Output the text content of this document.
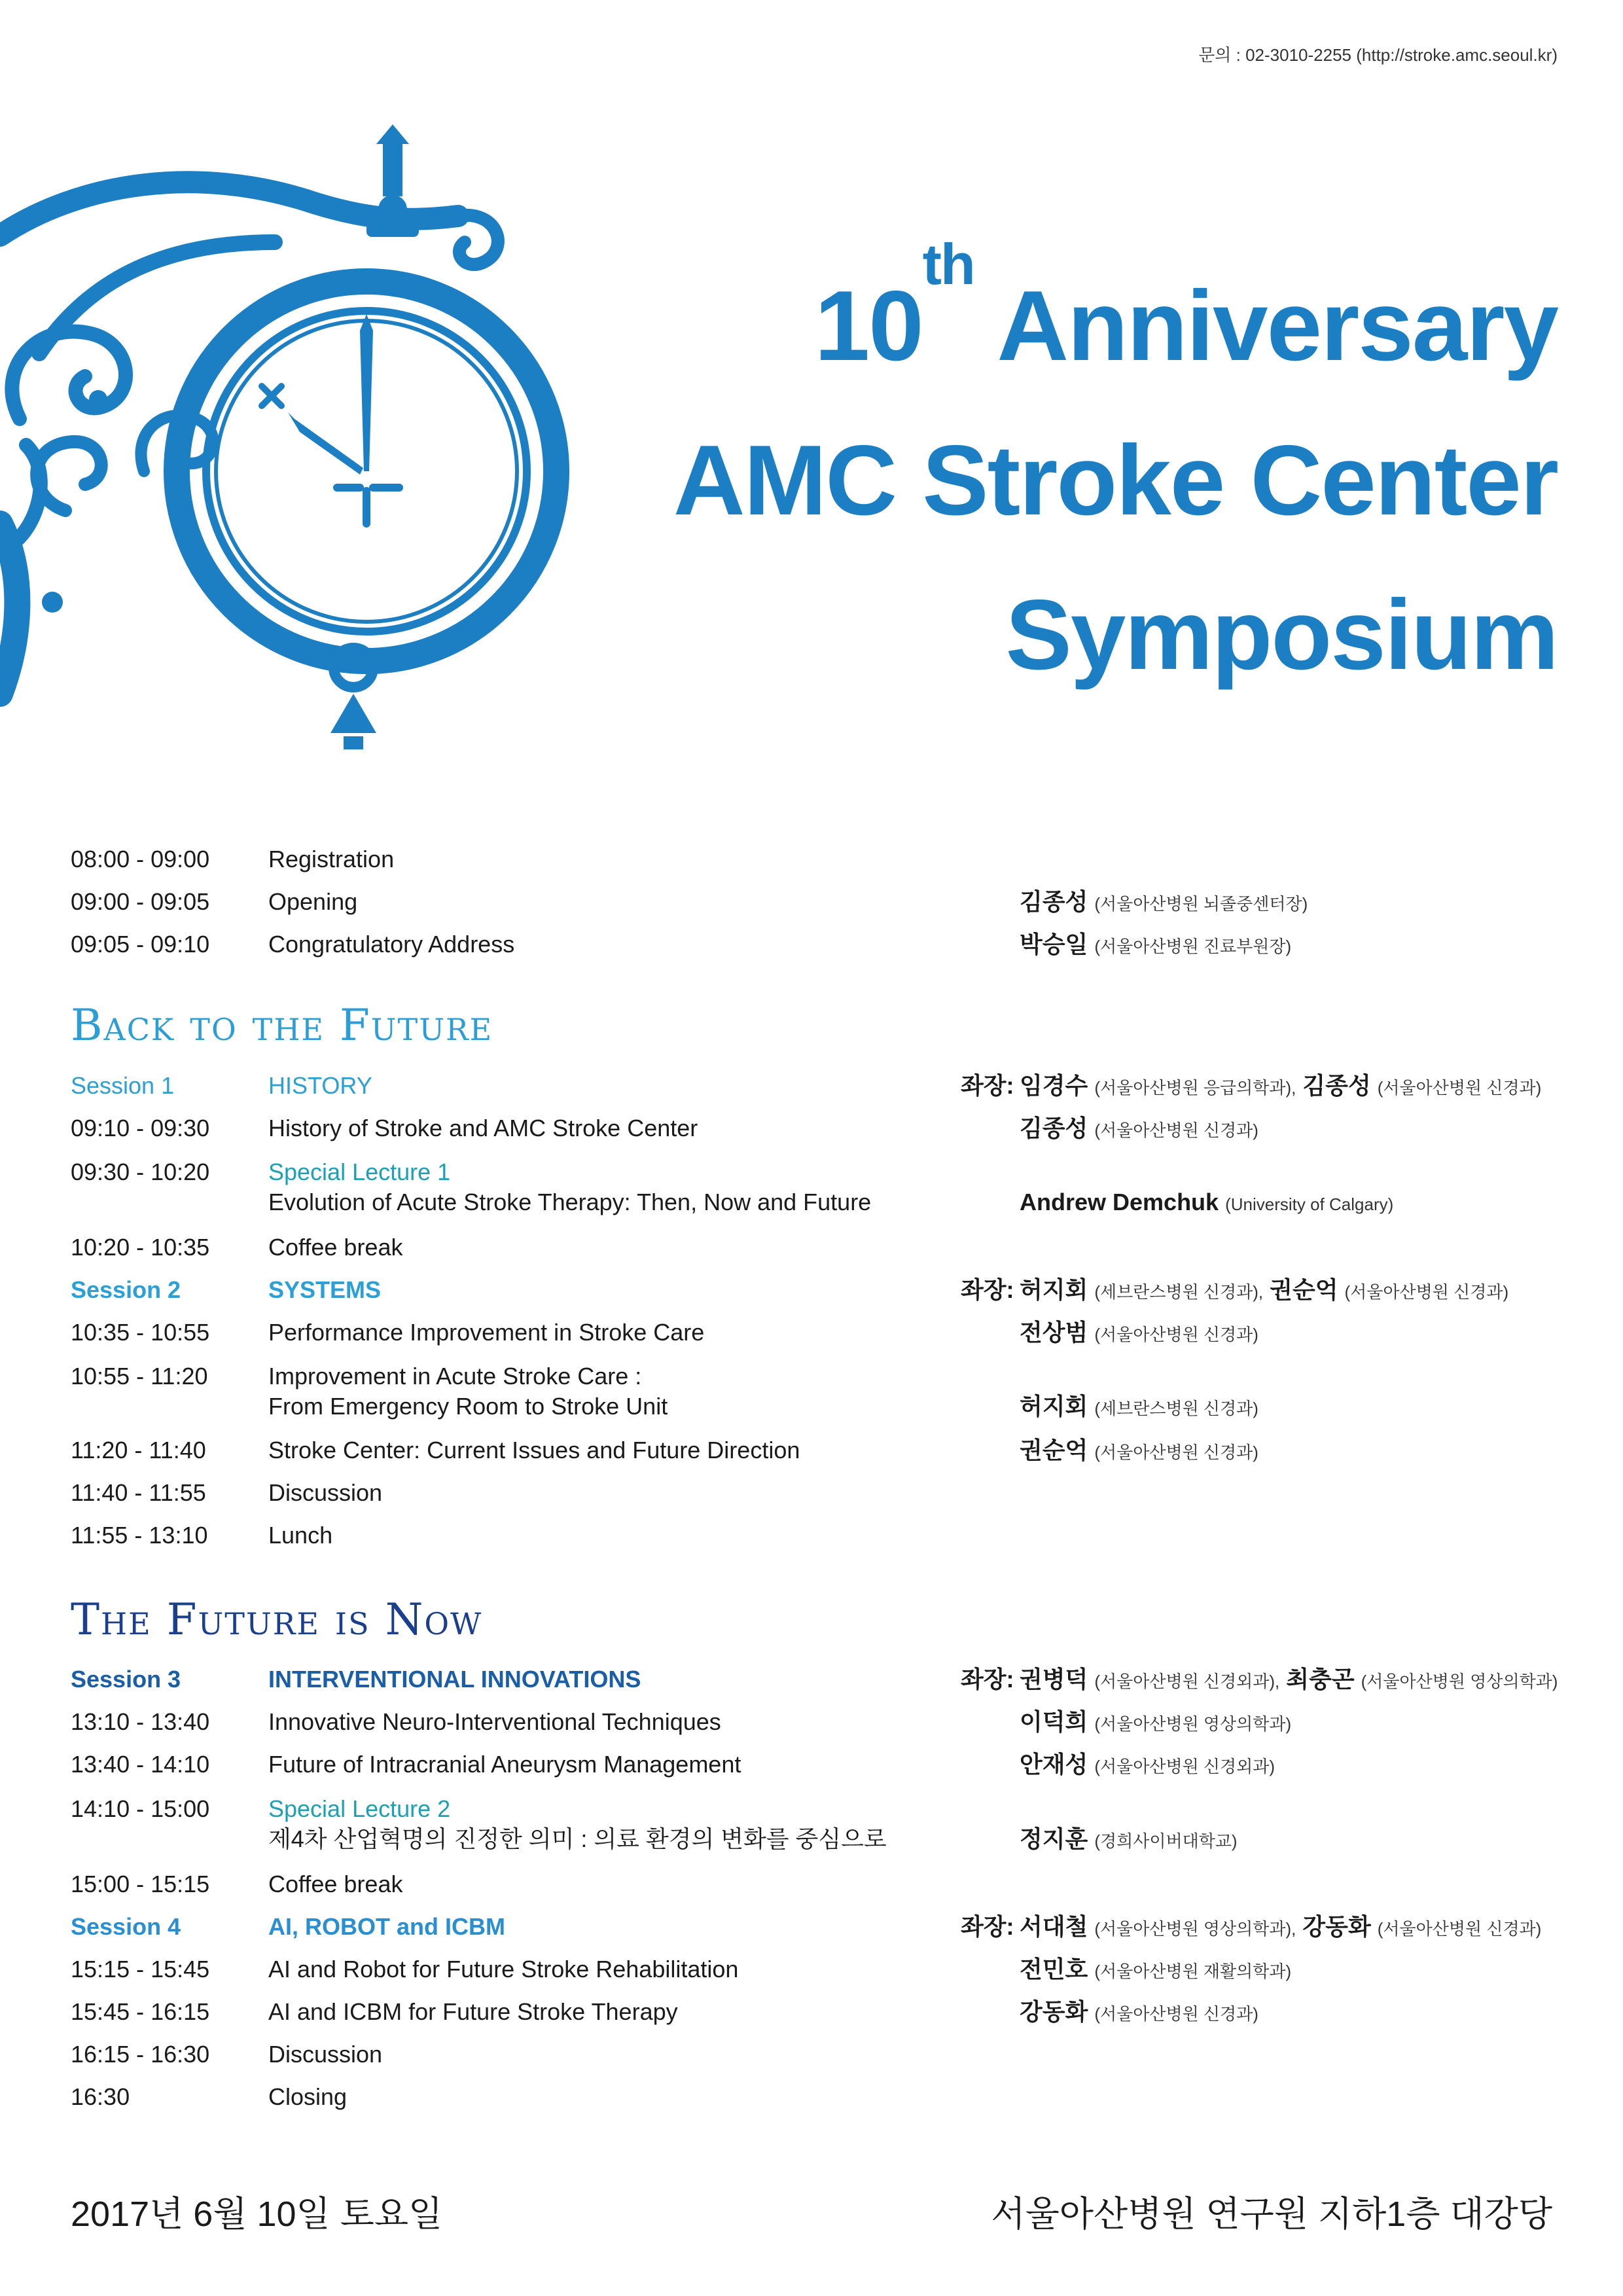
문의 : 02-3010-2255 (http://stroke.amc.seoul.kr)
10th Anniversary
AMC Stroke Center
Symposium
08:00 - 09:00 Registration
09:00 - 09:05 Opening	김종성 (서울아산병원 뇌졸중센터장)
09:05 - 09:10 Congratulatory Address	박승일 (서울아산병원 진료부원장)
Back to the Future
Session 1	HISTORY	좌장: 임경수 (서울아산병원 응급의학과), 김종성 (서울아산병원 신경과)
09:10 - 09:30 History of Stroke and AMC Stroke Center	김종성 (서울아산병원 신경과)
09:30 - 10:20 Special Lecture 1
Evolution of Acute Stroke Therapy: Then, Now and Future	Andrew Demchuk (University of Calgary)
10:20 - 10:35 Coffee break
Session 2	SYSTEMS	좌장: 허지회 (세브란스병원 신경과), 권순억 (서울아산병원 신경과)
10:35 - 10:55 Performance Improvement in Stroke Care	전상범 (서울아산병원 신경과)
10:55 - 11:20	Improvement in Acute Stroke Care :
From Emergency Room to Stroke Unit	허지회 (세브란스병원 신경과)
11:20 - 11:40	Stroke Center: Current Issues and Future Direction	권순억 (서울아산병원 신경과)
11:40 - 11:55	Discussion
11:55 - 13:10	Lunch
The Future is Now
Session 3	INTERVENTIONAL INNOVATIONS	좌장: 권병덕 (서울아산병원 신경외과), 최충곤 (서울아산병원 영상의학과)
13:10 - 13:40 Innovative Neuro-Interventional Techniques	이덕희 (서울아산병원 영상의학과)
13:40 - 14:10 Future of Intracranial Aneurysm Management	안재성 (서울아산병원 신경외과)
14:10 - 15:00 Special Lecture 2
제4차 산업혁명의 진정한 의미 : 의료 환경의 변화를 중심으로	정지훈 (경희사이버대학교)
15:00 - 15:15 Coffee break
Session 4	AI, ROBOT and ICBM	좌장: 서대철 (서울아산병원 영상의학과), 강동화 (서울아산병원 신경과)
15:15 - 15:45 AI and Robot for Future Stroke Rehabilitation	전민호 (서울아산병원 재활의학과)
15:45 - 16:15 AI and ICBM for Future Stroke Therapy	강동화 (서울아산병원 신경과)
16:15 - 16:30 Discussion
16:30	Closing
2017년 6월 10일 토요일	서울아산병원 연구원 지하1층 대강당
